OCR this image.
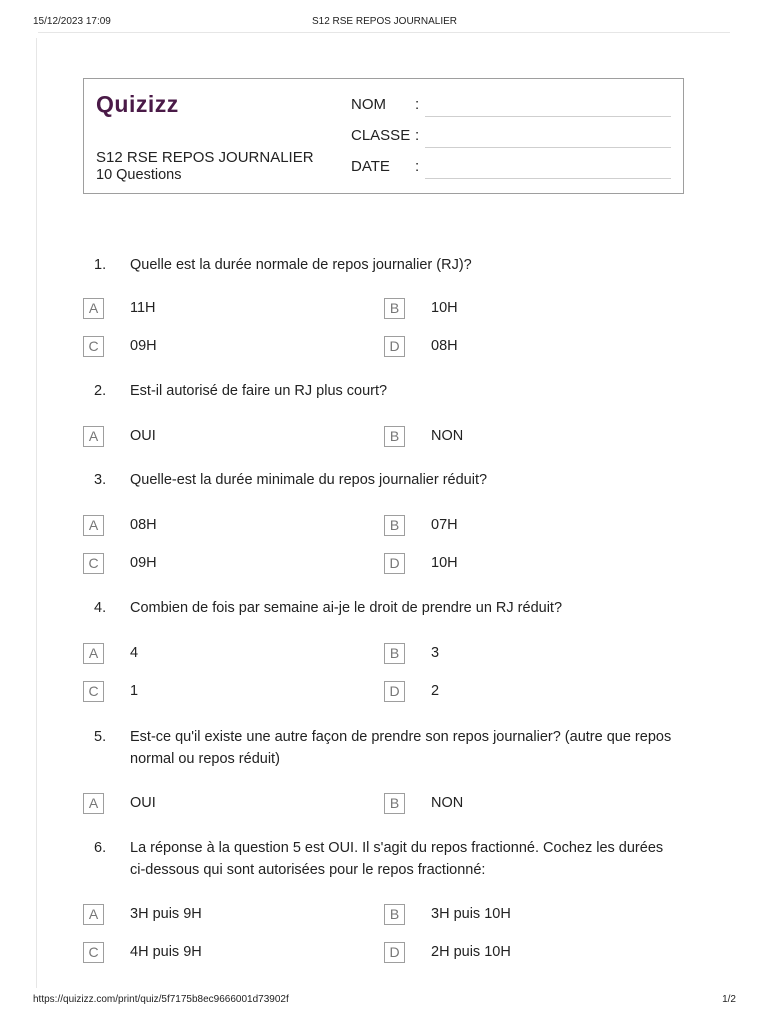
15/12/2023 17:09	S12 RSE REPOS JOURNALIER
Quizizz
S12 RSE REPOS JOURNALIER
10 Questions
NOM :
CLASSE :
DATE :
1. Quelle est la durée normale de repos journalier (RJ)?
A	11H	B	10H
C	09H	D	08H
2. Est-il autorisé de faire un RJ plus court?
A	OUI	B	NON
3. Quelle-est la durée minimale du repos journalier réduit?
A	08H	B	07H
C	09H	D	10H
4. Combien de fois par semaine ai-je le droit de prendre un RJ réduit?
A	4	B	3
C	1	D	2
5. Est-ce qu'il existe une autre façon de prendre son repos journalier? (autre que repos normal ou repos réduit)
A	OUI	B	NON
6. La réponse à la question 5 est OUI. Il s'agit du repos fractionné. Cochez les durées ci-dessous qui sont autorisées pour le repos fractionné:
A	3H puis 9H	B	3H puis 10H
C	4H puis 9H	D	2H puis 10H
https://quizizz.com/print/quiz/5f7175b8ec9666001d73902f	1/2
